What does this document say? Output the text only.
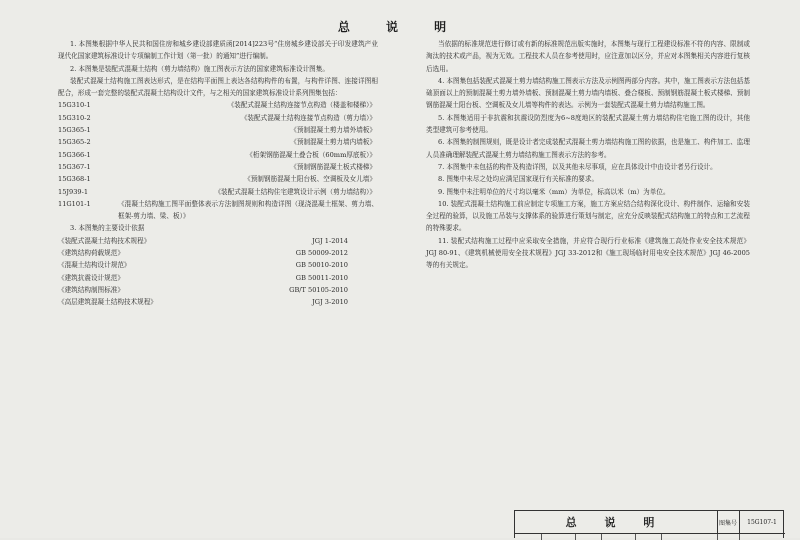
总 说 明

1. 本图集根据中华人民共和国住房和城乡建设部建质函[2014]223号“住房城乡建设部关于印发建筑产业现代化国家建筑标准设计专项编制工作计划（第一批）的通知”进行编制。

2. 本图集是装配式混凝土结构（剪力墙结构）施工图表示方法的国家建筑标准设计图集。

装配式混凝土结构施工图表达形式，是在结构平面图上表达各结构构件的布置，与构件详图、连接详图相配合，形成一套完整的装配式混凝土结构设计文件，与之相关的国家建筑标准设计系列图集包括：

15G310-1	《装配式混凝土结构连接节点构造（楼盖和楼梯）》
15G310-2	《装配式混凝土结构连接节点构造（剪力墙）》
15G365-1	《预制混凝土剪力墙外墙板》
15G365-2	《预制混凝土剪力墙内墙板》
15G366-1	《桁架钢筋混凝土叠合板（60mm厚底板）》
15G367-1	《预制钢筋混凝土板式楼梯》
15G368-1	《预制钢筋混凝土阳台板、空调板及女儿墙》
15J939-1	《装配式混凝土结构住宅建筑设计示例（剪力墙结构）》
11G101-1	《混凝土结构施工图平面整体表示方法制图规则和构造详图（现浇混凝土框架、剪力墙、框架-剪力墙、梁、板）》

3. 本图集的主要设计依据

《装配式混凝土结构技术规程》	JGJ 1-2014
《建筑结构荷载规范》	GB 50009-2012
《混凝土结构设计规范》	GB 50010-2010
《建筑抗震设计规范》	GB 50011-2010
《建筑结构制图标准》	GB/T 50105-2010
《高层建筑混凝土结构技术规程》	JGJ 3-2010

当依据的标准规范进行修订或有新的标准规范出版实施时，本图集与现行工程建设标准不符的内容、限制或淘汰的技术或产品，视为无效。工程技术人员在参考使用时，应注意加以区分，并应对本图集相关内容进行复核后选用。

4. 本图集包括装配式混凝土剪力墙结构施工图表示方法及示例图两部分内容。其中，施工图表示方法包括基础顶面以上的预制混凝土剪力墙外墙板、预制混凝土剪力墙内墙板、叠合楼板、预制钢筋混凝土板式楼梯、预制钢筋混凝土阳台板、空调板及女儿墙等构件的表达。示例为一套装配式混凝土剪力墙结构施工图。

5. 本图集适用于非抗震和抗震设防烈度为6~8度地区的装配式混凝土剪力墙结构住宅施工图的设计，其他类型建筑可参考使用。

6. 本图集的制图规则，既是设计者完成装配式混凝土剪力墙结构施工图的依据，也是施工、构件加工、监理人员准确理解装配式混凝土剪力墙结构施工图表示方法的参考。

7. 本图集中未包括的构件及构造详图，以及其他未尽事项，应在具体设计中由设计者另行设计。

8. 图集中未尽之处均应满足国家现行有关标准的要求。

9. 图集中未注明单位的尺寸均以毫米（mm）为单位，标高以米（m）为单位。

10. 装配式混凝土结构施工前应制定专项施工方案，施工方案应结合结构深化设计、构件制作、运输和安装全过程的验算，以及施工吊装与支撑体系的验算进行策划与制定，应充分反映装配式结构施工的特点和工艺流程的特殊要求。

11. 装配式结构施工过程中应采取安全措施，并应符合现行行业标准《建筑施工高处作业安全技术规范》JGJ 80-91、《建筑机械使用安全技术规程》JGJ 33-2012和《施工现场临时用电安全技术规范》JGJ 46-2005等的有关规定。

总 说 明	图集号	15G107-1
